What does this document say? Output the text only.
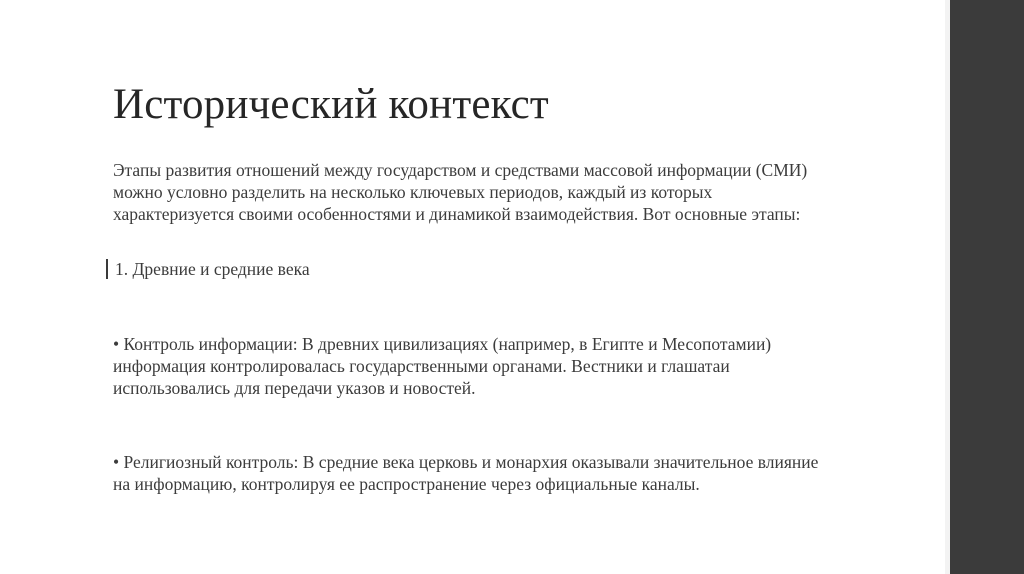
Исторический контекст
Этапы развития отношений между государством и средствами массовой информации (СМИ) можно условно разделить на несколько ключевых периодов, каждый из которых характеризуется своими особенностями и динамикой взаимодействия. Вот основные этапы:
1. Древние и средние века
• Контроль информации: В древних цивилизациях (например, в Египте и Месопотамии) информация контролировалась государственными органами. Вестники и глашатаи использовались для передачи указов и новостей.
• Религиозный контроль: В средние века церковь и монархия оказывали значительное влияние на информацию, контролируя ее распространение через официальные каналы.
